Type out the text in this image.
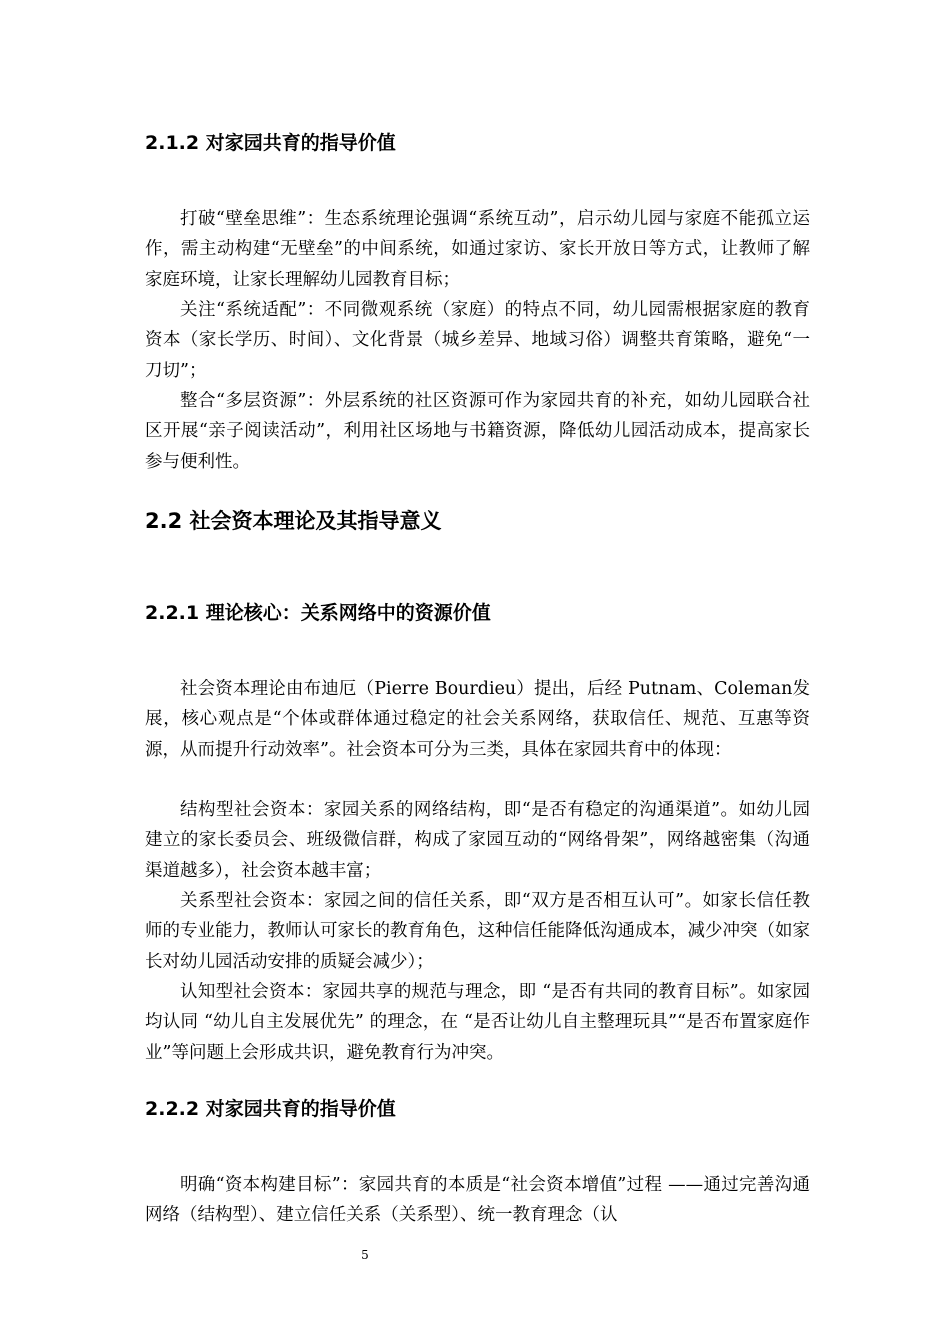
2.1.2 对家园共育的指导价值

打破“壁垒思维”：生态系统理论强调“系统互动”，启示幼儿园与家庭不能孤立运作，需主动构建“无壁垒”的中间系统，如通过家访、家长开放日等方式，让教师了解家庭环境，让家长理解幼儿园教育目标；

关注“系统适配”：不同微观系统（家庭）的特点不同，幼儿园需根据家庭的教育资本（家长学历、时间）、文化背景（城乡差异、地域习俗）调整共育策略，避免“一刀切”；

整合“多层资源”：外层系统的社区资源可作为家园共育的补充，如幼儿园联合社区开展“亲子阅读活动”，利用社区场地与书籍资源，降低幼儿园活动成本，提高家长参与便利性。

2.2 社会资本理论及其指导意义
2.2.1 理论核心：关系网络中的资源价值

社会资本理论由布迪厄（Pierre Bourdieu）提出，后经 Putnam、Coleman发展，核心观点是“个体或群体通过稳定的社会关系网络，获取信任、规范、互惠等资源，从而提升行动效率”。社会资本可分为三类，具体在家园共育中的体现：

结构型社会资本：家园关系的网络结构，即“是否有稳定的沟通渠道”。如幼儿园建立的家长委员会、班级微信群，构成了家园互动的“网络骨架”，网络越密集（沟通渠道越多），社会资本越丰富；

关系型社会资本：家园之间的信任关系，即“双方是否相互认可”。如家长信任教师的专业能力，教师认可家长的教育角色，这种信任能降低沟通成本，减少冲突（如家长对幼儿园活动安排的质疑会减少）；

认知型社会资本：家园共享的规范与理念，即 “是否有共同的教育目标”。如家园均认同 “幼儿自主发展优先” 的理念，在 “是否让幼儿自主整理玩具”“是否布置家庭作业”等问题上会形成共识，避免教育行为冲突。

2.2.2 对家园共育的指导价值

明确“资本构建目标”：家园共育的本质是“社会资本增值”过程 ——通过完善沟通网络（结构型）、建立信任关系（关系型）、统一教育理念（认

5
